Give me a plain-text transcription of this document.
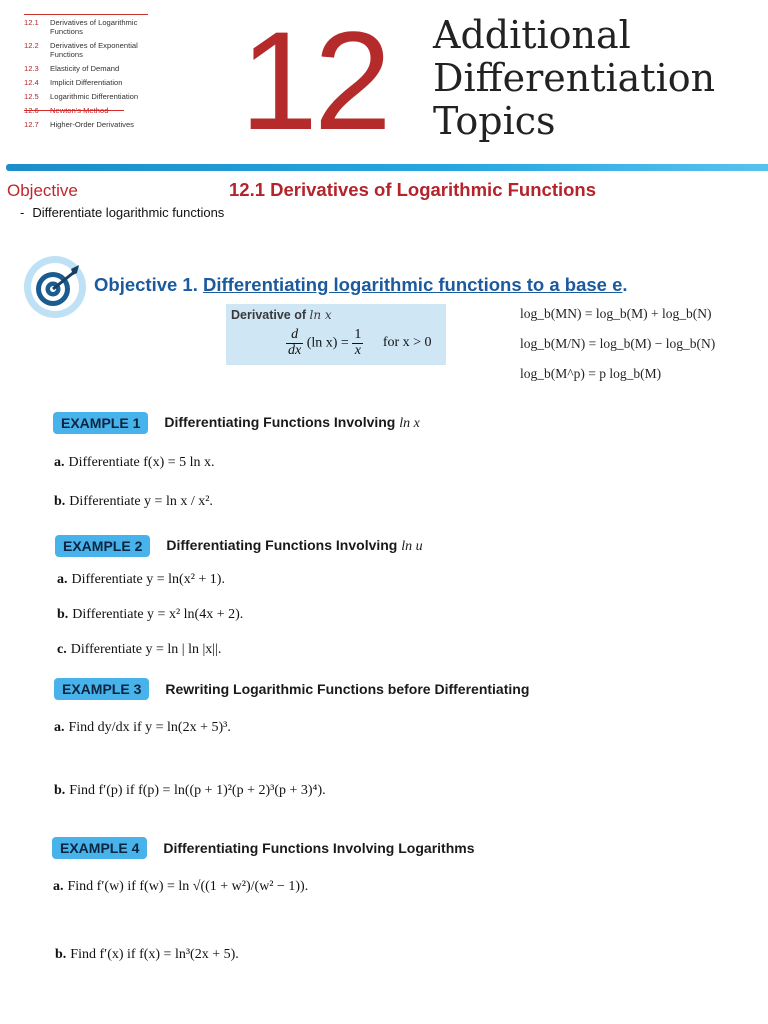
12.1	Derivatives of Logarithmic Functions
12.2	Derivatives of Exponential Functions
12.3	Elasticity of Demand
12.4	Implicit Differentiation
12.5	Logarithmic Differentiation
12.6	Newton's Method
12.7	Higher-Order Derivatives 12 Additional
Differentiation
Topics
Objective	12.1 Derivatives of Logarithmic Functions
- Differentiate logarithmic functions
Objective 1. Differentiating logarithmic functions to a base e.
Derivative of ln x
$\frac{d}{dx} (\ln$ $x) = \frac{1}{x}$ for x > 0
log_b(MN) = log_b(M) + log_b(N)
log_b(M/N) = log_b(M) − log_b(N)
log_b(M^p) = p log_b(M)
EXAMPLE 1	Differentiating Functions Involving ln x
a. Differentiate f(x) = 5 ln x.
b. Differentiate y = ln x / x².
EXAMPLE 2	Differentiating Functions Involving ln u
a. Differentiate y = ln(x² + 1).
b. Differentiate y = x² ln(4x + 2).
c. Differentiate y = ln | ln |x||.
EXAMPLE 3	Rewriting Logarithmic Functions before Differentiating
a. Find dy/dx if y = ln(2x + 5)³.
b. Find f′(p) if f(p) = ln((p + 1)²(p + 2)³(p + 3)⁴).
EXAMPLE 4	Differentiating Functions Involving Logarithms
a. Find f′(w) if f(w) = ln √((1 + w²)/(w² − 1)).
b. Find f′(x) if f(x) = ln³(2x + 5).
